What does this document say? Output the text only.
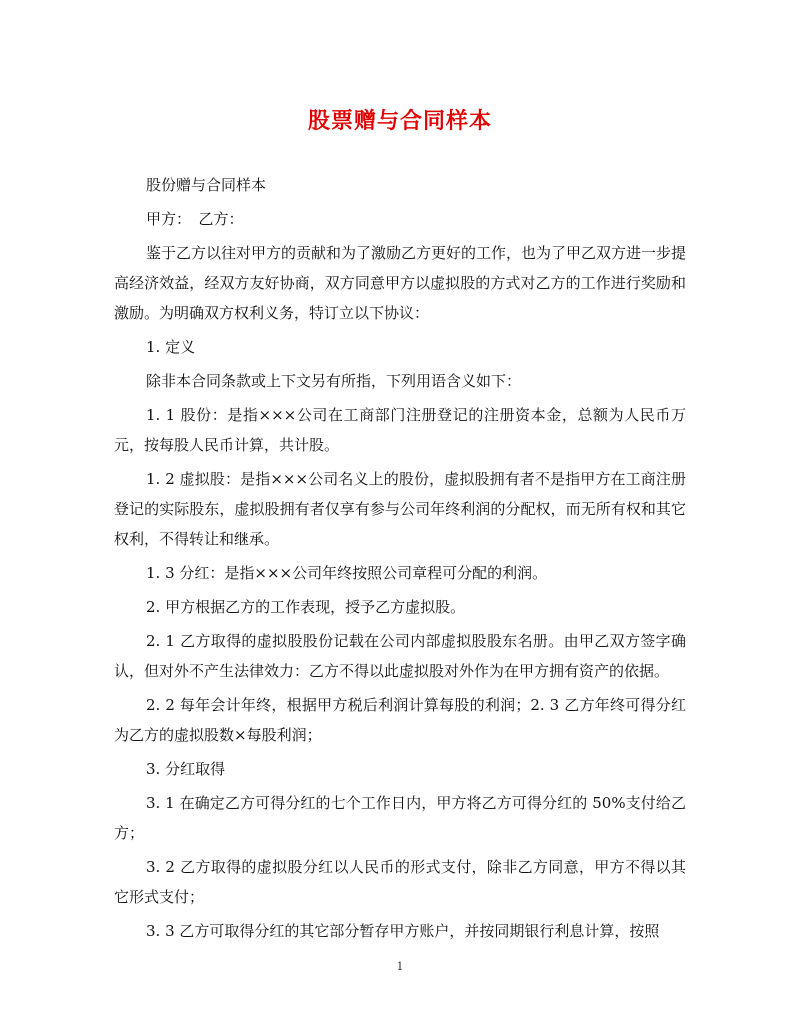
股票赠与合同样本

股份赠与合同样本

甲方：　乙方：

鉴于乙方以往对甲方的贡献和为了激励乙方更好的工作，也为了甲乙双方进一步提高经济效益，经双方友好协商，双方同意甲方以虚拟股的方式对乙方的工作进行奖励和激励。为明确双方权利义务，特订立以下协议：

1. 定义

除非本合同条款或上下文另有所指，下列用语含义如下：

1. 1 股份：是指×××公司在工商部门注册登记的注册资本金，总额为人民币万元，按每股人民币计算，共计股。

1. 2 虚拟股：是指×××公司名义上的股份，虚拟股拥有者不是指甲方在工商注册登记的实际股东，虚拟股拥有者仅享有参与公司年终利润的分配权，而无所有权和其它权利，不得转让和继承。

1. 3 分红：是指×××公司年终按照公司章程可分配的利润。

2. 甲方根据乙方的工作表现，授予乙方虚拟股。

2. 1 乙方取得的虚拟股股份记载在公司内部虚拟股股东名册。由甲乙双方签字确认，但对外不产生法律效力：乙方不得以此虚拟股对外作为在甲方拥有资产的依据。

2. 2 每年会计年终，根据甲方税后利润计算每股的利润；2. 3 乙方年终可得分红为乙方的虚拟股数×每股利润；

3. 分红取得

3. 1 在确定乙方可得分红的七个工作日内，甲方将乙方可得分红的 50%支付给乙方；

3. 2 乙方取得的虚拟股分红以人民币的形式支付，除非乙方同意，甲方不得以其它形式支付；

3. 3 乙方可取得分红的其它部分暂存甲方账户，并按同期银行利息计算，按照

1
